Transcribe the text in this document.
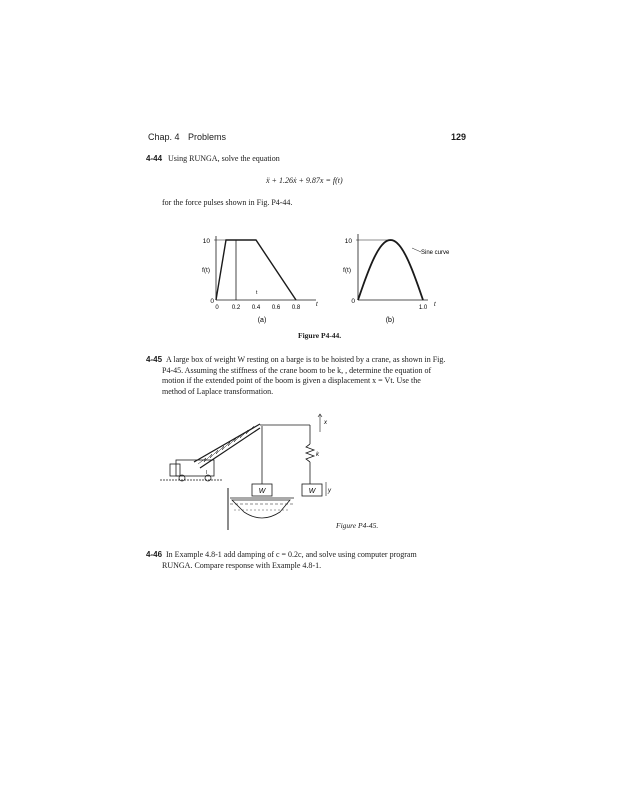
Chap. 4 Problems	129
4-44 Using RUNGA, solve the equation
ẍ + 1.26ẋ + 9.87x = f(t)
for the force pulses shown in Fig. P4-44.
10
f(t)
0
t
0 0.2 0.4 0.6 0.8	t
(a)
10
f(t)
0
1.0 t
(b)
Sine curve
Figure P4-44.
4-45 A large box of weight W resting on a barge is to be hoisted by a crane, as shown in Fig.
P4-45. Assuming the stiffness of the crane boom to be k, , determine the equation of
motion if the extended point of the boom is given a displacement x = Vt. Use the
method of Laplace transformation.
W	W
x
y
k
l
Figure P4-45.
4-46 In Example 4.8-1 add damping of c = 0.2c, and solve using computer program
RUNGA. Compare response with Example 4.8-1.
